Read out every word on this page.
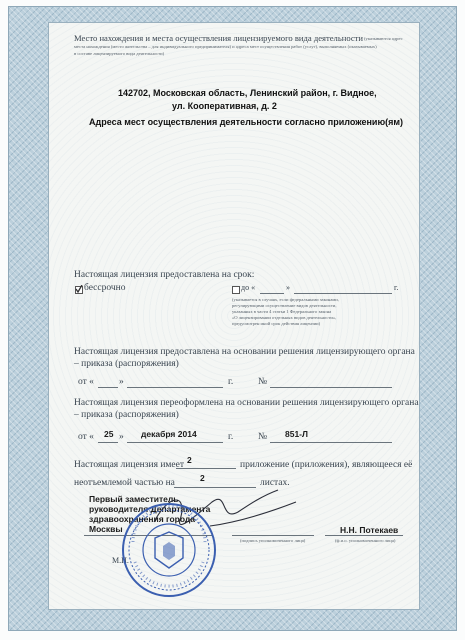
Место нахождения и места осуществления лицензируемого вида деятельности (указываются адрес
места нахождения (место жительства – для индивидуального предпринимателя) и адреса мест осуществления работ (услуг), выполняемых (оказываемых)
в составе лицензируемого вида деятельности)
142702, Московская область, Ленинский район, г. Видное,
ул. Кооперативная, д. 2
Адреса мест осуществления деятельности согласно приложению(ям)
Настоящая лицензия предоставлена на срок:
бессрочно	до «	»	г.
(указывается в случаях, если федеральными законами,
регулирующими осуществление видов деятельности,
указанных в части 4 статьи 1 Федерального закона
«О лицензировании отдельных видов деятельности»,
предусмотрен иной срок действия лицензии)
Настоящая лицензия предоставлена на основании решения лицензирующего органа
– приказа (распоряжения)
от «	»	г.	№
Настоящая лицензия переоформлена на основании решения лицензирующего органа
– приказа (распоряжения)
от « 25 » декабря 2014	г.	№ 851-Л
Настоящая лицензия имеет 2	приложение (приложения), являющееся её
неотъемлемой частью на	2	листах.
Первый заместитель
руководителя Департамента
здравоохранения города
Москвы	Н.Н. Потекаев
(подпись уполномоченного лица)	(ф.и.о. уполномоченного лица)
М.П.
